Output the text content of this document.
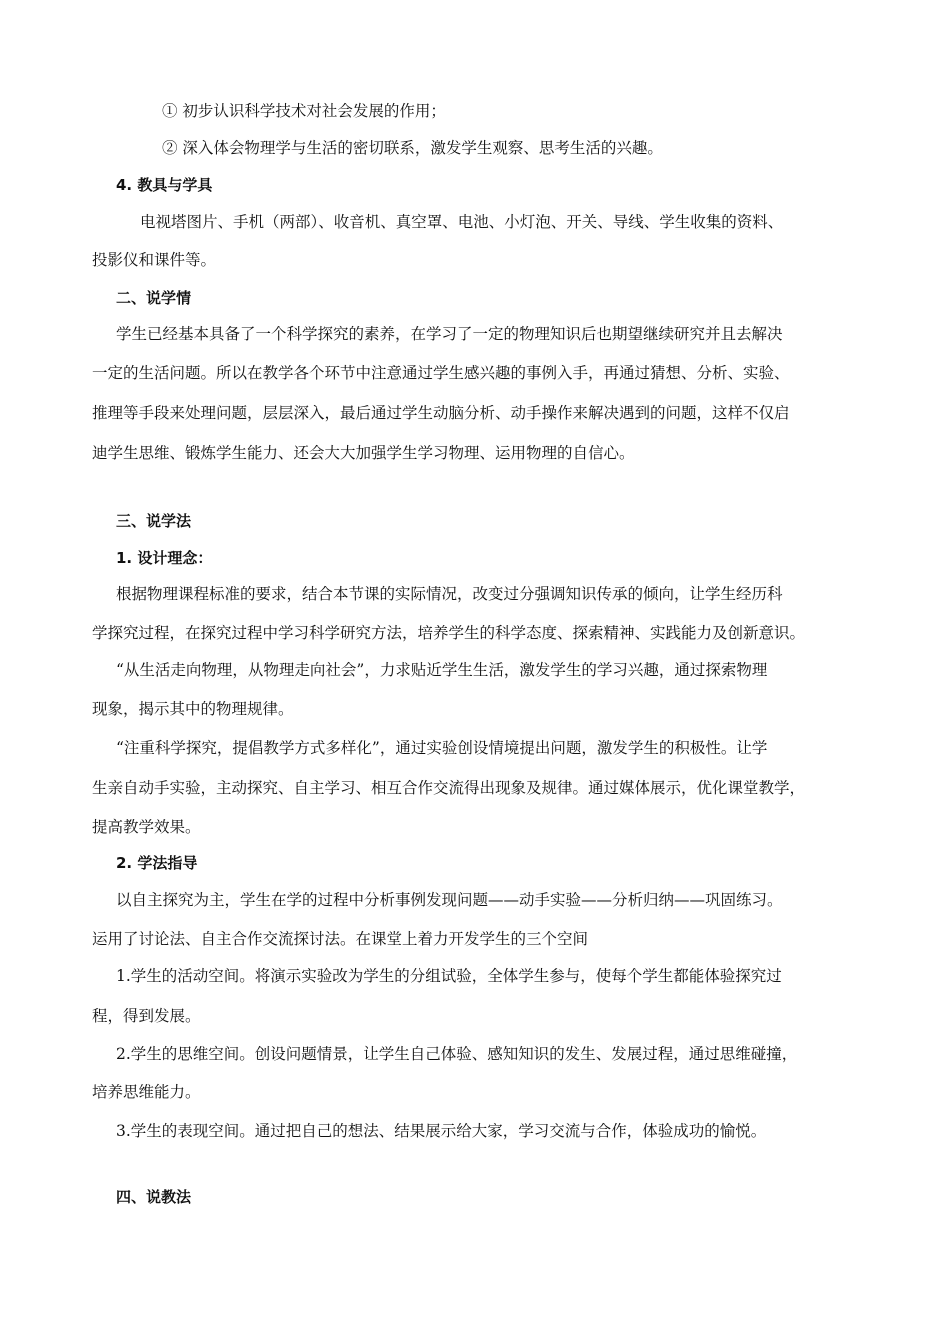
① 初步认识科学技术对社会发展的作用；
② 深入体会物理学与生活的密切联系，激发学生观察、思考生活的兴趣。
4. 教具与学具
电视塔图片、手机（两部）、收音机、真空罩、电池、小灯泡、开关、导线、学生收集的资料、
投影仪和课件等。
二、说学情
学生已经基本具备了一个科学探究的素养，在学习了一定的物理知识后也期望继续研究并且去解决
一定的生活问题。所以在教学各个环节中注意通过学生感兴趣的事例入手，再通过猜想、分析、实验、
推理等手段来处理问题，层层深入，最后通过学生动脑分析、动手操作来解决遇到的问题，这样不仅启
迪学生思维、锻炼学生能力、还会大大加强学生学习物理、运用物理的自信心。
三、说学法
1. 设计理念：
根据物理课程标准的要求，结合本节课的实际情况，改变过分强调知识传承的倾向，让学生经历科
学探究过程，在探究过程中学习科学研究方法，培养学生的科学态度、探索精神、实践能力及创新意识。
“从生活走向物理，从物理走向社会”，力求贴近学生生活，激发学生的学习兴趣，通过探索物理
现象，揭示其中的物理规律。
“注重科学探究，提倡教学方式多样化”，通过实验创设情境提出问题，激发学生的积极性。让学
生亲自动手实验，主动探究、自主学习、相互合作交流得出现象及规律。通过媒体展示，优化课堂教学，
提高教学效果。
2. 学法指导
以自主探究为主，学生在学的过程中分析事例发现问题——动手实验——分析归纳——巩固练习。
运用了讨论法、自主合作交流探讨法。在课堂上着力开发学生的三个空间
1.学生的活动空间。将演示实验改为学生的分组试验，全体学生参与，使每个学生都能体验探究过
程，得到发展。
2.学生的思维空间。创设问题情景，让学生自己体验、感知知识的发生、发展过程，通过思维碰撞，
培养思维能力。
3.学生的表现空间。通过把自己的想法、结果展示给大家，学习交流与合作，体验成功的愉悦。
四、说教法
